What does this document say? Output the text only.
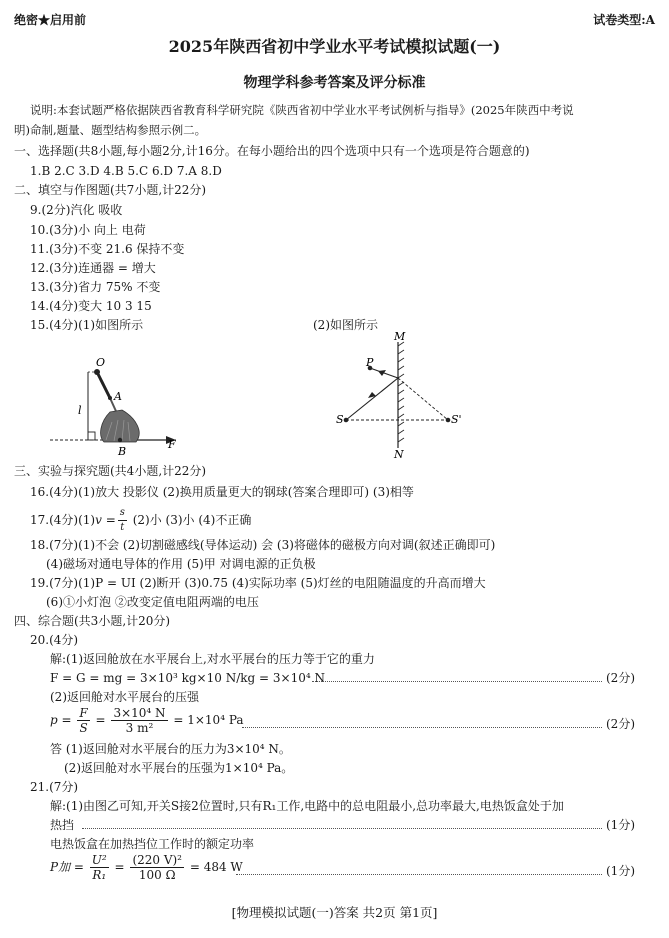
绝密★启用前	试卷类型:A
2025年陕西省初中学业水平考试模拟试题(一)
物理学科参考答案及评分标准
说明:本套试题严格依据陕西省教育科学研究院《陕西省初中学业水平考试例析与指导》(2025年陕西中考说
明)命制,题量、题型结构参照示例二。
一、选择题(共8小题,每小题2分,计16分。在每小题给出的四个选项中只有一个选项是符合题意的)
1.B 2.C 3.D 4.B 5.C 6.D 7.A 8.D
二、填空与作图题(共7小题,计22分)
9.(2分)汽化 吸收
10.(3分)小 向上 电荷
11.(3分)不变 21.6 保持不变
12.(3分)连通器 = 增大
13.(3分)省力 75% 不变
14.(4分)变大 10 3 15
15.(4分)(1)如图所示	(2)如图所示
O
A
l
B
F
M
N
P
S	S'
三、实验与探究题(共4小题,计22分)
16.(4分)(1)放大 投影仪 (2)换用质量更大的钢球(答案合理即可) (3)相等
17.(4分)$(1)v = \frac{s}{t} (2)$小 (3)小 (4)不正确
18.(7分)(1)不会 (2)切割磁感线(导体运动) 会 (3)将磁体的磁极方向对调(叙述正确即可)
(4)磁场对通电导体的作用 (5)甲 对调电源的正负极
19.(7分)(1)P = UI (2)断开 (3)0.75 (4)实际功率 (5)灯丝的电阻随温度的升高而增大
(6)①小灯泡 ②改变定值电阻两端的电压
四、综合题(共3小题,计20分)
20.(4分)
解:(1)返回舱放在水平展台上,对水平展台的压力等于它的重力
F = G = mg = 3×10³ kg×10 N/kg = 3×10⁴ N	(2分)
(2)返回舱对水平展台的压强
$p = \frac{F}{S} = \frac{\text{3×10⁴ N}}{\text{3 m²}} = 1\times 10^4$ Pa	(2分)
答 (1)返回舱对水平展台的压力为3×10⁴ N。
(2)返回舱对水平展台的压强为1×10⁴ Pa。
21.(7分)
解:(1)由图乙可知,开关S接2位置时,只有R₁工作,电路中的总电阻最小,总功率最大,电热饭盒处于加
热挡	(1分)
电热饭盒在加热挡位工作时的额定功率
P加 = $\frac{\text{U²}}{\text{R₁}} = \frac{\text{(220 V)²}}{100 \Omega} = 484$ W	(1分)
[物理模拟试题(一)答案 共2页 第1页]
